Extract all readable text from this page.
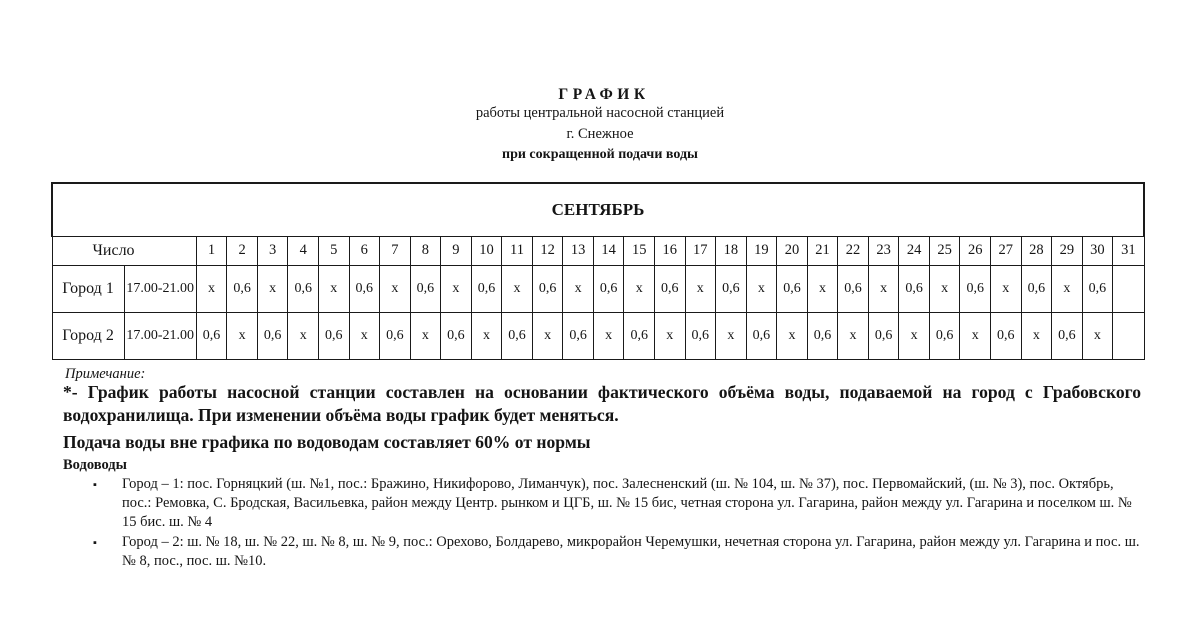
ГРАФИК
работы центральной насосной станцией
г. Снежное
при сокращенной подачи воды
СЕНТЯБРЬ																																
Число		1	2	3	4	5	6	7	8	9	10	11	12	13	14	15	16	17	18	19	20	21	22	23	24	25	26	27	28	29	30	31
Город 1	17.00-​21.00	х	0,6	х	0,6	х	0,6	х	0,6	х	0,6	х	0,6	х	0,6	х	0,6	х	0,6	х	0,6	х	0,6	х	0,6	х	0,6	х	0,6	х	0,6	
Город 2	17.00-​21.00	0,6	х	0,6	х	0,6	х	0,6	х	0,6	х	0,6	х	0,6	х	0,6	х	0,6	х	0,6	х	0,6	х	0,6	х	0,6	х	0,6	х	0,6	х	
Примечание:
*- График работы насосной станции составлен на основании фактического объёма воды, подаваемой на город с Грабовского водохранилища. При изменении объёма воды график будет меняться.
Подача воды вне графика по водоводам составляет 60% от нормы
Водоводы
▪ Город – 1: пос. Горняцкий (ш. №1, пос.: Бражино, Никифорово, Лиманчук), пос. Залесненский (ш. № 104, ш. № 37), пос. Первомайский, (ш. № 3), пос. Октябрь, пос.: Ремовка, С. Бродская, Васильевка, район между Центр. рынком и ЦГБ, ш. № 15 бис, четная сторона ул. Гагарина, район между ул. Гагарина и поселком ш. № 15 бис. ш. № 4
▪ Город – 2: ш. № 18, ш. № 22, ш. № 8, ш. № 9, пос.: Орехово, Болдарево, микрорайон Черемушки, нечетная сторона ул. Гагарина, район между ул. Гагарина и пос. ш. № 8, пос., пос. ш. №10.
